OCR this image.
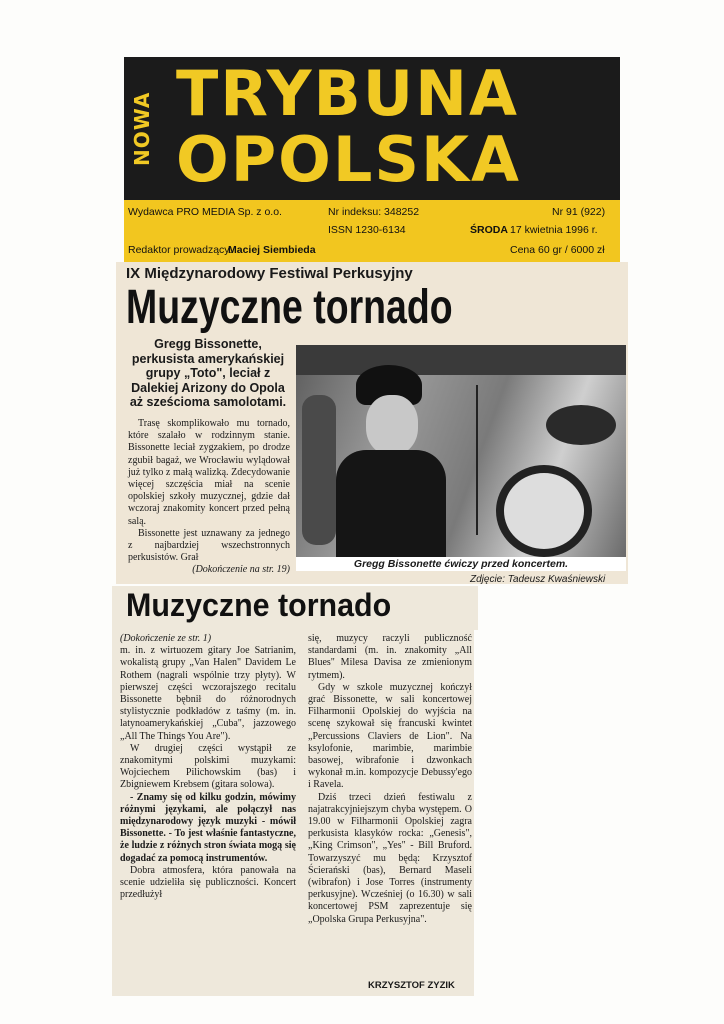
NOWA TRYBUNA
OPOLSKA
Wydawca PRO MEDIA Sp. z o.o.
Redaktor prowadzący:
Maciej Siembieda
Nr indeksu: 348252
ISSN 1230-6134
Nr 91 (922)
ŚRODA 17 kwietnia 1996 r.
Cena 60 gr / 6000 zł
IX Międzynarodowy Festiwal Perkusyjny
Muzyczne tornado
Gregg Bissonette, perkusista amerykańskiej grupy „Toto", leciał z Dalekiej Arizony do Opola aż sześcioma samolotami.

Trasę skomplikowało mu tornado, które szalało w rodzinnym stanie. Bissonette leciał zygzakiem, po drodze zgubił bagaż, we Wrocławiu wylądował już tylko z małą walizką. Zdecydowanie więcej szczęścia miał na scenie opolskiej szkoły muzycznej, gdzie dał wczoraj znakomity koncert przed pełną salą.

Bissonette jest uznawany za jednego z najbardziej wszechstronnych perkusistów. Grał

(Dokończenie na str. 19)	Gregg Bissonette ćwiczy przed koncertem.
Zdjęcie: Tadeusz Kwaśniewski
Muzyczne tornado
(Dokończenie ze str. 1)

m. in. z wirtuozem gitary Joe Satrianim, wokalistą grupy „Van Halen" Davidem Le Rothem (nagrali wspólnie trzy płyty). W pierwszej części wczorajszego recitalu Bissonette bębnił do różnorodnych stylistycznie podkładów z taśmy (m. in. latynoamerykańskiej „Cuba", jazzowego „All The Things You Are").

W drugiej części wystąpił ze znakomitymi polskimi muzykami: Wojciechem Pilichowskim (bas) i Zbigniewem Krebsem (gitara solowa).

- Znamy się od kilku godzin, mówimy różnymi językami, ale połączył nas międzynarodowy język muzyki - mówił Bissonette. - To jest właśnie fantastyczne, że ludzie z różnych stron świata mogą się dogadać za pomocą instrumentów.

Dobra atmosfera, która panowała na scenie udzieliła się publiczności. Koncert przedłużył

się, muzycy raczyli publiczność standardami (m. in. znakomity „All Blues" Milesa Davisa ze zmienionym rytmem).

Gdy w szkole muzycznej kończył grać Bissonette, w sali koncertowej Filharmonii Opolskiej do wyjścia na scenę szykował się francuski kwintet „Percussions Claviers de Lion". Na ksylofonie, marimbie, marimbie basowej, wibrafonie i dzwonkach wykonał m.in. kompozycje Debussy'ego i Ravela.

Dziś trzeci dzień festiwalu z najatrakcyjniejszym chyba występem. O 19.00 w Filharmonii Opolskiej zagra perkusista klasyków rocka: „Genesis", „King Crimson", „Yes" - Bill Bruford. Towarzyszyć mu będą: Krzysztof Ścierański (bas), Bernard Maseli (wibrafon) i Jose Torres (instrumenty perkusyjne). Wcześniej (o 16.30) w sali koncertowej PSM zaprezentuje się „Opolska Grupa Perkusyjna".

KRZYSZTOF ZYZIK
